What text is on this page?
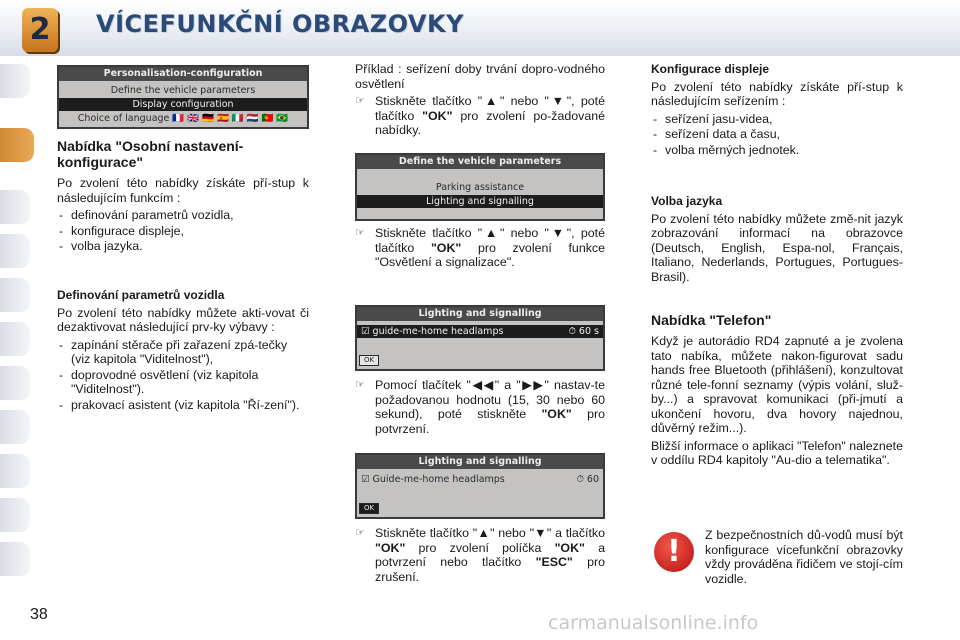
2	VÍCEFUNKČNÍ OBRAZOVKY
Personalisation-configuration
Define the vehicle parameters
Display configuration
Choice of language 🇫🇷 🇬🇧 🇩🇪 🇪🇸 🇮🇹 🇳🇱 🇵🇹 🇧🇷
Nabídka "Osobní nastavení-konfigurace"

Po zvolení této nabídky získáte pří-stup k následujícím funkcím :

- definování parametrů vozidla,
- konfigurace displeje,
- volba jazyka.
Definování parametrů vozidla

Po zvolení této nabídky můžete akti-vovat či dezaktivovat následující prv-ky výbavy :

- zapínání stěrače při zařazení zpá-tečky (viz kapitola "Viditelnost"),
- doprovodné osvětlení (viz kapitola "Viditelnost").
- prakovací asistent (viz kapitola "Ří-zení").

Příklad : seřízení doby trvání dopro-vodného osvětlení

☞ Stiskněte tlačítko "▲" nebo "▼", poté tlačítko "OK" pro zvolení po-žadované nabídky.
Define the vehicle parameters
Parking assistance
Lighting and signalling
☞ Stiskněte tlačítko "▲" nebo "▼", poté tlačítko "OK" pro zvolení funkce "Osvětlení a signalizace".
Lighting and signalling
☑ guide-me-home headlamps	⏱ 60 s
OK
☞ Pomocí tlačítek "◀◀" a "▶▶" nastav-te požadovanou hodnotu (15, 30 nebo 60 sekund), poté stiskněte "OK" pro potvrzení.
Lighting and signalling
☑ Guide-me-home headlamps	⏱ 60
OK
☞ Stiskněte tlačítko "▲" nebo "▼" a tlačítko "OK" pro zvolení políčka "OK" a potvrzení nebo tlačítko "ESC" pro zrušení.
Konfigurace displeje

Po zvolení této nabídky získáte pří-stup k následujícím seřízením :

- seřízení jasu-videa,
- seřízení data a času,
- volba měrných jednotek.
Volba jazyka

Po zvolení této nabídky můžete změ-nit jazyk zobrazování informací na obrazovce (Deutsch, English, Espa-nol, Français, Italiano, Nederlands, Portugues, Portugues-Brasil).

Nabídka "Telefon"

Když je autorádio RD4 zapnuté a je zvolena tato nabíka, můžete nakon-figurovat sadu hands free Bluetooth (přihlášení), konzultovat různé tele-fonní seznamy (výpis volání, služ-by...) a spravovat komunikaci (při-jmutí a ukončení hovoru, dva hovory najednou, důvěrný režim...).

Bližší informace o aplikaci "Telefon" naleznete v oddílu RD4 kapitoly "Au-dio a telematika".

!	Z bezpečnostních dů-vodů musí být konfigurace vícefunkční obrazovky vždy prováděna řidičem ve stojí-cím vozidle.

38	carmanualsonline.info
